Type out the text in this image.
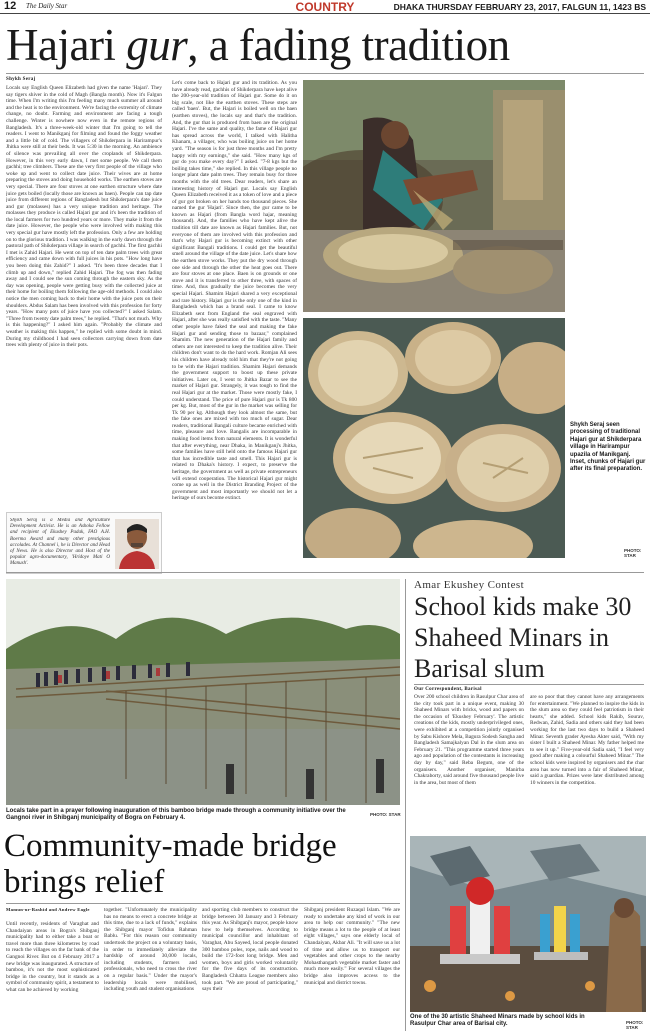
COUNTRY
12 The Daily Star	DHAKA THURSDAY FEBRUARY 23, 2017, FALGUN 11, 1423 BS
Hajari gur, a fading tradition
Shykh Seraj
Locals say English Queen Elizabeth had given the name 'Hajari'. They say tigers shiver in the cold of Magh (Bangla month). Now it's Falgun time. When I'm writing this I'm feeling many much summer all around and the heat is to the environment. We're facing the extremity of climate change, no doubt. Farming and environment are facing a tough challenge. Winter is nowhere now even in the remote regions of Bangladesh. It's a three-week-old winter that I'm going to tell the readers. I went to Manikganj for filming and found the foggy weather and a little bit of cold. The villagers of Shikderpara in Harirampur's Jhitka were still at their beds. It was 5:30 in the morning. An ambience of silence was prevailing all over the croplands of Shikderpara. However, in this very early dawn, I met some people. We call them gachhi; tree climbers. These are the very first people of the village who woke up and went to collect date juice. Their wives are at home preparing the stoves and doing household works. The earthen stoves are very special. There are four stoves at one earthen structure where date juice gets boiled (locally those are known as baen). People can tap date juice from different regions of Bangladesh but Shikderpara's date juice and gur (molasses) has a very unique tradition and heritage. The molasses they produce is called Hajari gur and it's been the tradition of the local farmers for two hundred years or more. They make it from the date juice. However, the people who were involved with making this very special gur have mostly left the profession. Only a few are holding on to the glorious tradition. I was walking in the early dawn through the pastoral path of Shikderpara village in search of gachhi. The first gachhi I met is Zahid Hajari. He went on top of ten date palm trees with great efficiency and came down with full juices in his pots. "How long have you been doing this Zahid?" I asked. "It's been three decades that I climb up and down," replied Zahid Hajari. The fog was then fading away and I could see the sun coming through the eastern sky. As the day was opening, people were getting busy with the collected juice at their home for boiling them following the age-old methods. I could also notice the men coming back to their home with the juice pots on their shoulders. Abdus Salam has been involved with this profession for forty years. "How many pots of juice have you collected?" I asked Salam. "Three from twenty date palm trees," he replied. "That's not much. Why is this happening?" I asked him again. "Probably the climate and weather is making this happen," he replied with some doubt in mind. During my childhood I had seen collectors carrying down from date trees with plenty of juice in their pots.
Shykh Seraj is a Media and Agriculture Development Activist. He is an Ashoka Fellow and recipient of Ekushey Padak, FAO A.H. Boerma Award and many other prestigious accolades. At Channel i, he is Director and Head of News. He is also Director and Host of the popular agro-documentary, 'Hridoye Mati O Manush'.
Let's come back to Hajari gur and its tradition. As you have already read, gachhis of Shikderpara have kept alive the 200-year-old tradition of Hajari gur. Some do it on big scale, not like the earthen stoves. These steps are called 'baen'. But, the Hajari is boiled well on the baen (earthen stoves), the locals say and that's the tradition. And, the gur that is produced from baen are the original Hajari. I've the same and quality, the fame of Hajari gur has spread across the world, I talked with Halitha Khanam, a villager, who was boiling juice on her home yard. "The season is for just three months and I'm pretty happy with my earnings," she said. "How many kgs of gur do you make every day?" I asked. "7-8 kgs but the boiling takes time," she replied. In this village people no longer plant date palm trees. They remain busy for three months with the old trees. Dear readers, let's share an interesting history of Hajari gur. Locals say English Queen Elizabeth received it as a token of love and a piece of gur got broken on her hands too thousand pieces. She named the gur 'Hajari'. Since then, the gur came to be known as Hajari (from Bangla word hajar, meaning thousand). And, the families who have kept alive the tradition till date are known as Hajari families. But, not everyone of them are involved with this profession and that's why Hajari gur is becoming extinct with other significant Bangali traditions. I could get the beautiful smell around the village of the date juice. Let's share how the earthen stove works. They put the dry wood through one side and through the other the heat goes out. There are four stoves at one place. Baen is on grounds or one stove and it is transferred to other three, with spaces of time. And, thus gradually the juice becomes the very special Hajari. Shamim Hajari shared a very exceptional and rare history. Hajari gur is the only one of the kind in Bangladesh which has a brand seal. I came to know Elizabeth sent from England the seal engraved with Hajari, after she was really satisfied with the taste. "Many other people have faked the seal and making the fake Hajari gur and sending those to bazaar," complained Shamim. The new generation of the Hajari family and others are not interested to keep the tradition alive. Their children don't want to do the hard work. Romjan Ali sees his children have already told him that they're not going to be with the Hajari tradition. Shamim Hajari demands the government support to boost up these private initiatives. Later on, I went to Jhitka Bazar to see the market of Hajari gur. Strangely, it was tough to find the real Hajari gur at the market. Those were mostly fake, I could understand. The price of pure Hajari gur is Tk 800 per kg. But, most of the gur in the market was selling for Tk 90 per kg. Although they look almost the same, but the fake ones are mixed with too much of sugar. Dear readers, traditional Bangali culture became enriched with time, pleasure and love. Bangalis are incomparable in making food items from natural elements. It is wonderful that after everything, near Dhaka, in Manikganj's Jhitka, some families have still held onto the famous Hajari gur that has incredible taste and smell. This Hajari gur is related to Dhaka's history. I expect, to preserve the heritage, the government as well as private entrepreneurs will extend cooperation. The historical Hajari gur might come up as well in the District Branding Project of the government and most importantly we should not let a heritage of ours become extinct.
Shykh Seraj seen processing of traditional Hajari gur at Shikderpara village in Harirampur upazila of Manikganj. Inset, chunks of Hajari gur after its final preparation.
PHOTO: STAR
Locals take part in a prayer following inauguration of this bamboo bridge made through a community initiative over the Gangnoi river in Shibganj municipality of Bogra on February 4.
PHOTO: STAR
Amar Ekushey Contest
School kids make 30 Shaheed Minars in Barisal slum
Our Correspondent, Barisal
Over 200 school children in Rasulpur Char area of the city took part in a unique event, making 30 Shaheed Minars with bricks, wood and papers on the occasion of 'Ekushey February'. The artistic creations of the kids, mostly underprivileged ones, were exhibited at a competition jointly organised by Sabu Kishore Mela, Bagura Sodesh Sangha and Bangladesh Samajkalyan Dal in the slum area on February 21. "This programme started three years ago and population of the contestants is increasing day by day," said Reba Begum, one of the organisers. Another organiser, Manirba Chakraborty, said around five thousand people live in the area, but most of them
are so poor that they cannot have any arrangements for entertainment. "We planned to inspire the kids in the slum area so they could feel patriotism in their hearts," she added. School kids Rakib, Sourav, Redwan, Zahid, Sadia and others said they had been working for the last two days to build a Shaheed Minar. Seventh grader Ayesha Akter said, "With my sister I built a Shaheed Minar. My father helped me to see it up." Five-year-old Sadia said, "I feel very good after making a colourful Shaheed Minar." The school kids were inspired by organisers and the char area has now turned into a fair of Shaheed Minar, said a guardian. Prizes were later distributed among 10 winners in the competition.
One of the 30 artistic Shaheed Minars made by school kids in Rasulpur Char area of Barisal city.	PHOTO: STAR
Community-made bridge brings relief
Mamun-ur-Rashid and Andrew Eagle
Until recently, residents of Varaghat and Chandaiyan areas in Bogra's Shibganj municipality had to either take a boat or travel more than three kilometres by road to reach the villages on the far bank of the Gangnoi River. But on 4 February 2017 a new bridge was inaugurated. A structure of bamboo, it's not the most sophisticated bridge in the country, but it stands as a symbol of community spirit, a testament to what can be achieved by working
together. "Unfortunately the municipality has no means to erect a concrete bridge at this time, due to a lack of funds," explains the Shibganj mayor Tofidun Rahman Bablu. "For this reason our community undertook the project on a voluntary basis, in order to immediately alleviate the hardship of around 30,000 locals, including students, farmers and professionals, who need to cross the river on a regular basis." Under the mayor's leadership locals were mobilised, including youth and student organisations
and sporting club members to construct the bridge between 30 January and 3 February this year. As Shibganj's mayor, people know how to help themselves. According to municipal councillor and inhabitant of Varaghat, Abu Sayeed, local people donated 300 bamboo poles, rope, nails and wood to build the 172-foot long bridge. Men and women, boys and girls worked voluntarily for the five days of its construction. Bangladesh Chhatra League members also took part. "We are proud of participating," says their
Shibganj president Ruzaqul Islam. "We are ready to undertake any kind of work in our area to help our community." "The new bridge means a lot to the people of at least eight villages," says one elderly local of Chandaiyan, Akbar Ali. "It will save us a lot of time and allow us to transport our vegetables and other crops to the nearby Mohasthangarh vegetable market faster and much more easily." For several villages the bridge also improves access to the municipal and district towns.
